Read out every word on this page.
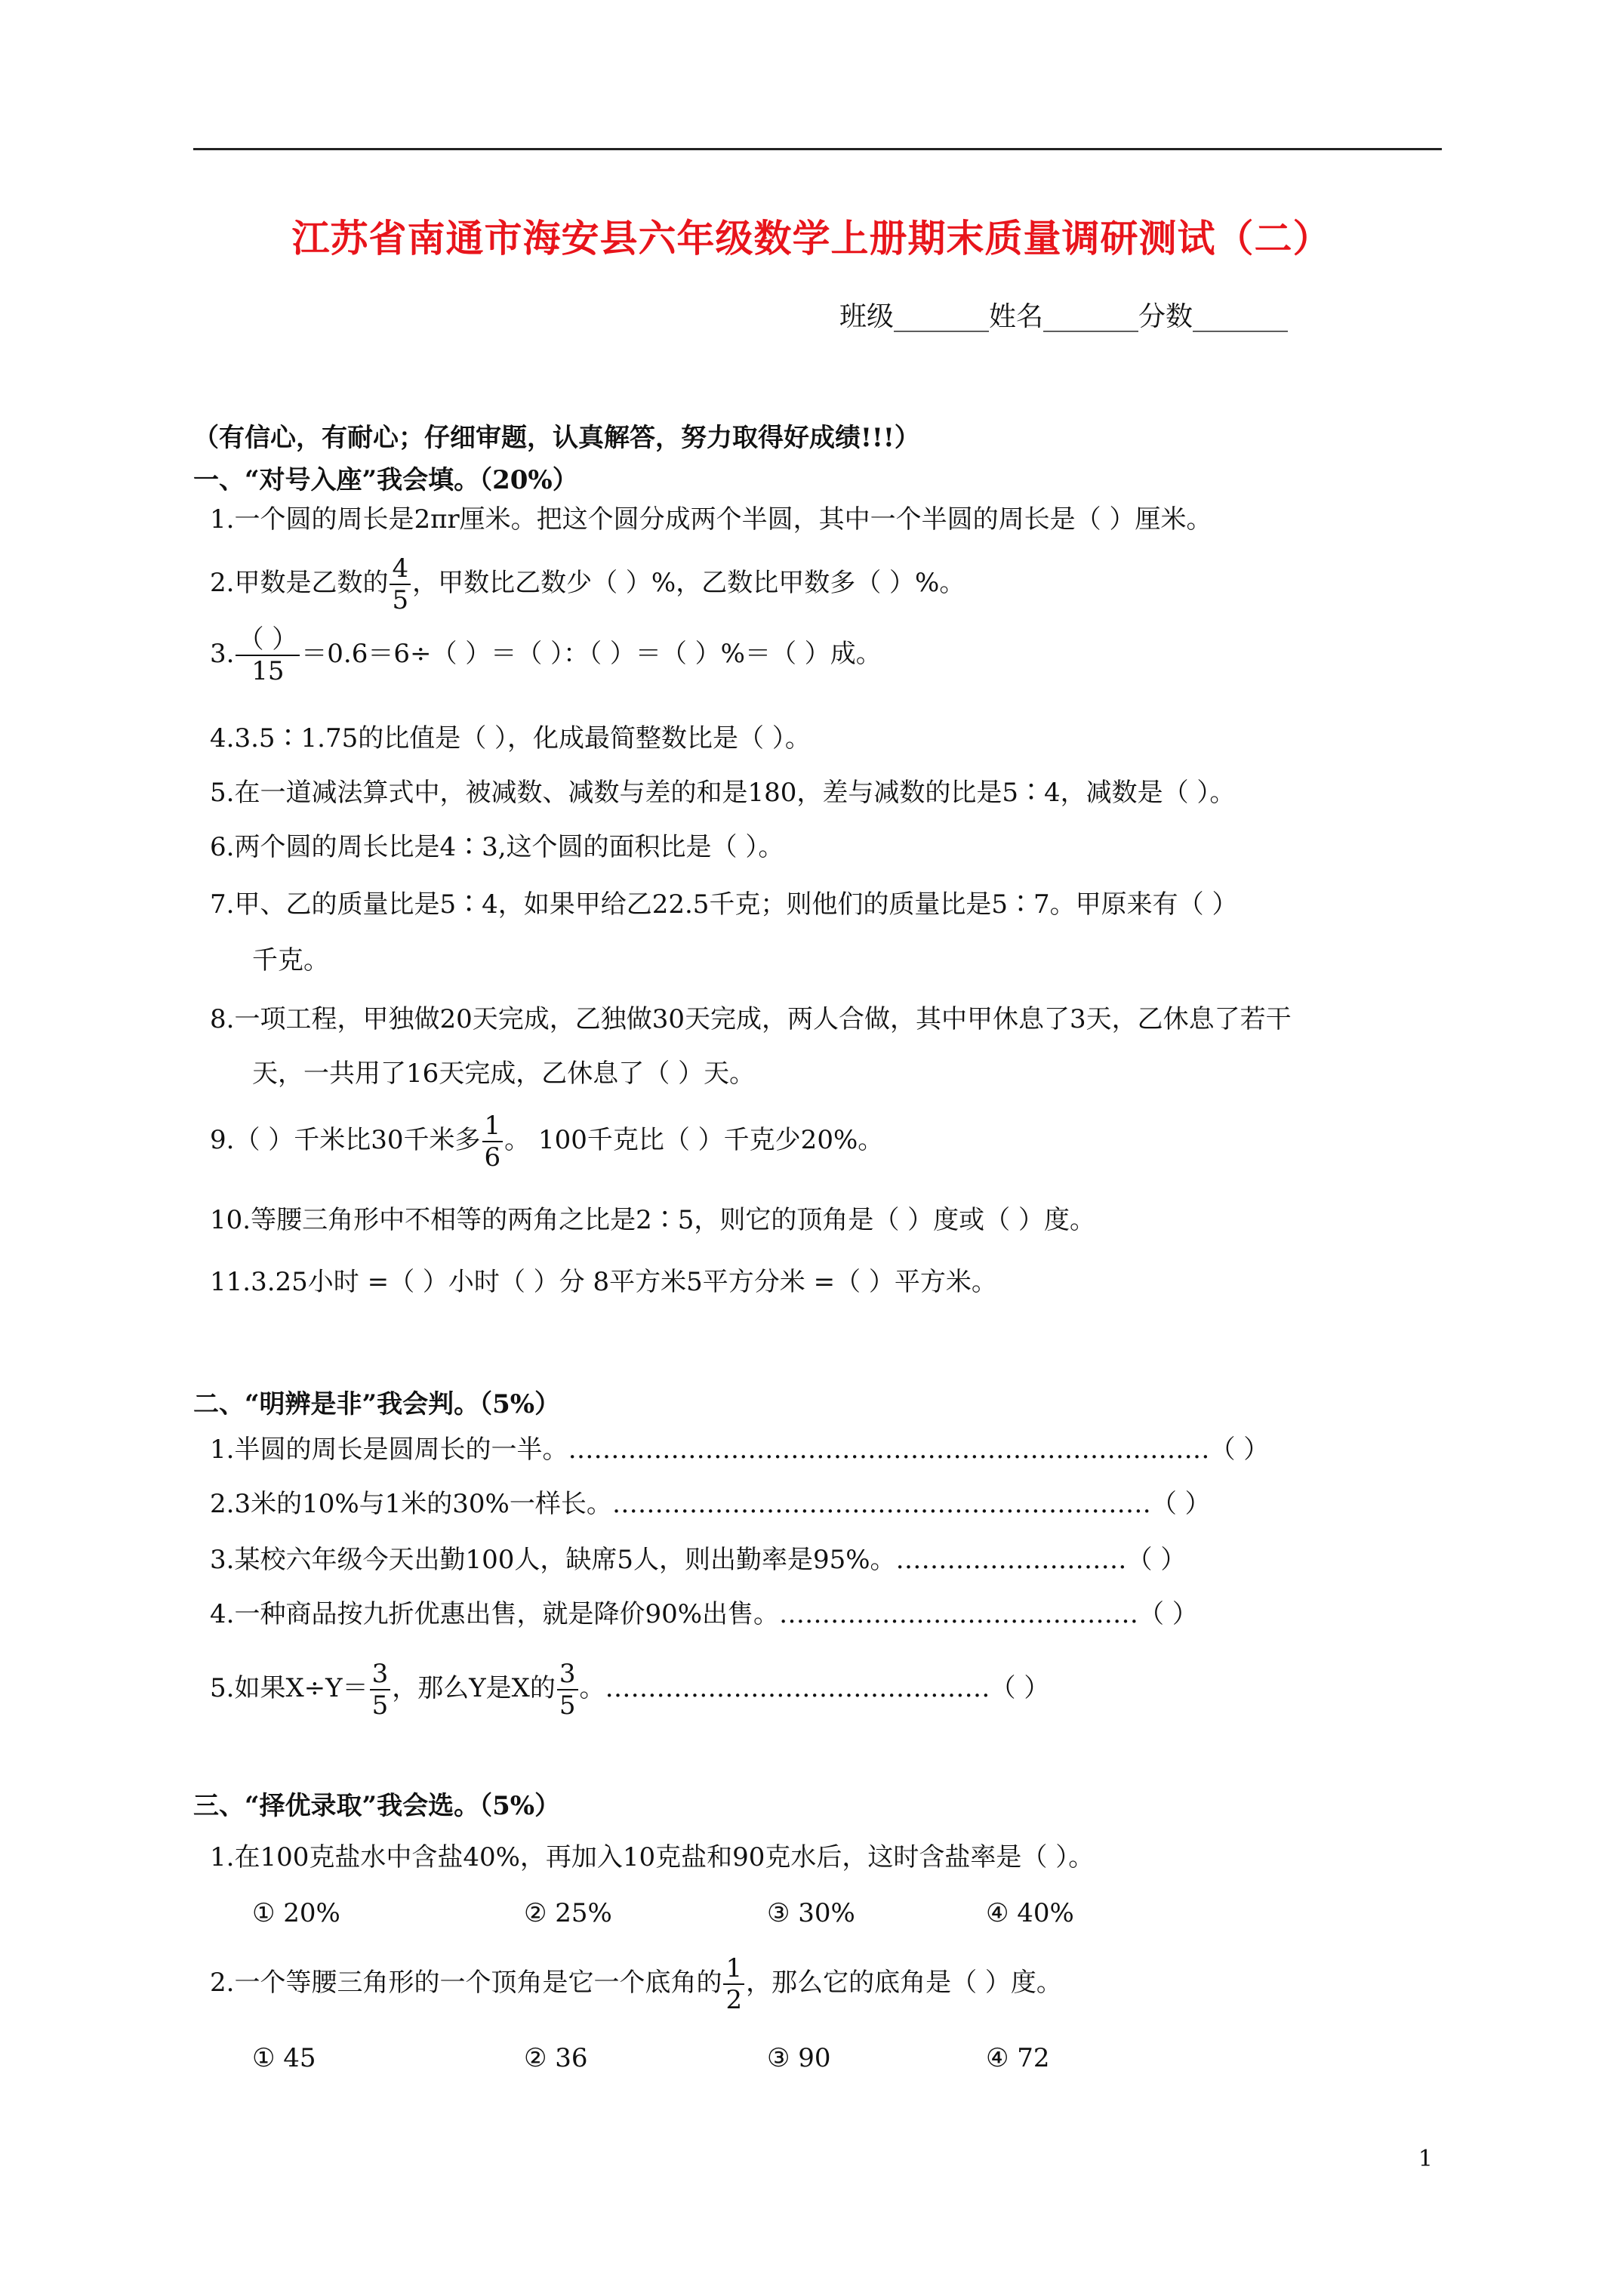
江苏省南通市海安县六年级数学上册期末质量调研测试（二）
班级_______姓名_______分数_______
（有信心，有耐心；仔细审题，认真解答，努力取得好成绩!!!）
一、“对号入座”我会填。（20%）
1.一个圆的周长是2πr厘米。把这个圆分成两个半圆，其中一个半圆的周长是（ ）厘米。
2.甲数是乙数的 $\frac{4}{5}$ ，甲数比乙数少（ ）%，乙数比甲数多（ ）%。
3. $\frac{( )}{15} =0.6=6\div$（ ）＝（ ）：（ ）＝（ ）%＝（ ）成。
4.3.5∶1.75的比值是（ ），化成最简整数比是（ ）。
5.在一道减法算式中，被减数、减数与差的和是180，差与减数的比是5∶4，减数是（ ）。
6.两个圆的周长比是4∶3,这个圆的面积比是（ ）。
7.甲、乙的质量比是5∶4，如果甲给乙22.5千克；则他们的质量比是5∶7。甲原来有（ ）
千克。
8.一项工程，甲独做20天完成，乙独做30天完成，两人合做，其中甲休息了3天，乙休息了若干
天，一共用了16天完成，乙休息了（ ）天。
9.（ ）千米比30千米多 $\frac{1}{6}$ 。 100千克比（ ）千克少20%。
10.等腰三角形中不相等的两角之比是2∶5，则它的顶角是（ ）度或（ ）度。
11.3.25小时 =（ ）小时（ ）分 8平方米5平方分米 =（ ）平方米。
二、“明辨是非”我会判。（5%）
1.半圆的周长是圆周长的一半。…………………………………………………………………（ ）
2.3米的10%与1米的30%一样长。………………………………………………………（ ）
3.某校六年级今天出勤100人，缺席5人，则出勤率是95%。………………………（ ）
4.一种商品按九折优惠出售，就是降价90%出售。……………………………………（ ）
5.如果$X\div Y= \frac{3}{5}$ ，那么Y是X的 $\frac{3}{5}$ 。………………………………………（ ）
三、“择优录取”我会选。（5%）
1.在100克盐水中含盐40%，再加入10克盐和90克水后，这时含盐率是（ ）。
① 20%	② 25%	③ 30%	④ 40%
2.一个等腰三角形的一个顶角是它一个底角的 $\frac{1}{2}$ ，那么它的底角是（ ）度。
① 45	② 36	③ 90	④ 72
1
